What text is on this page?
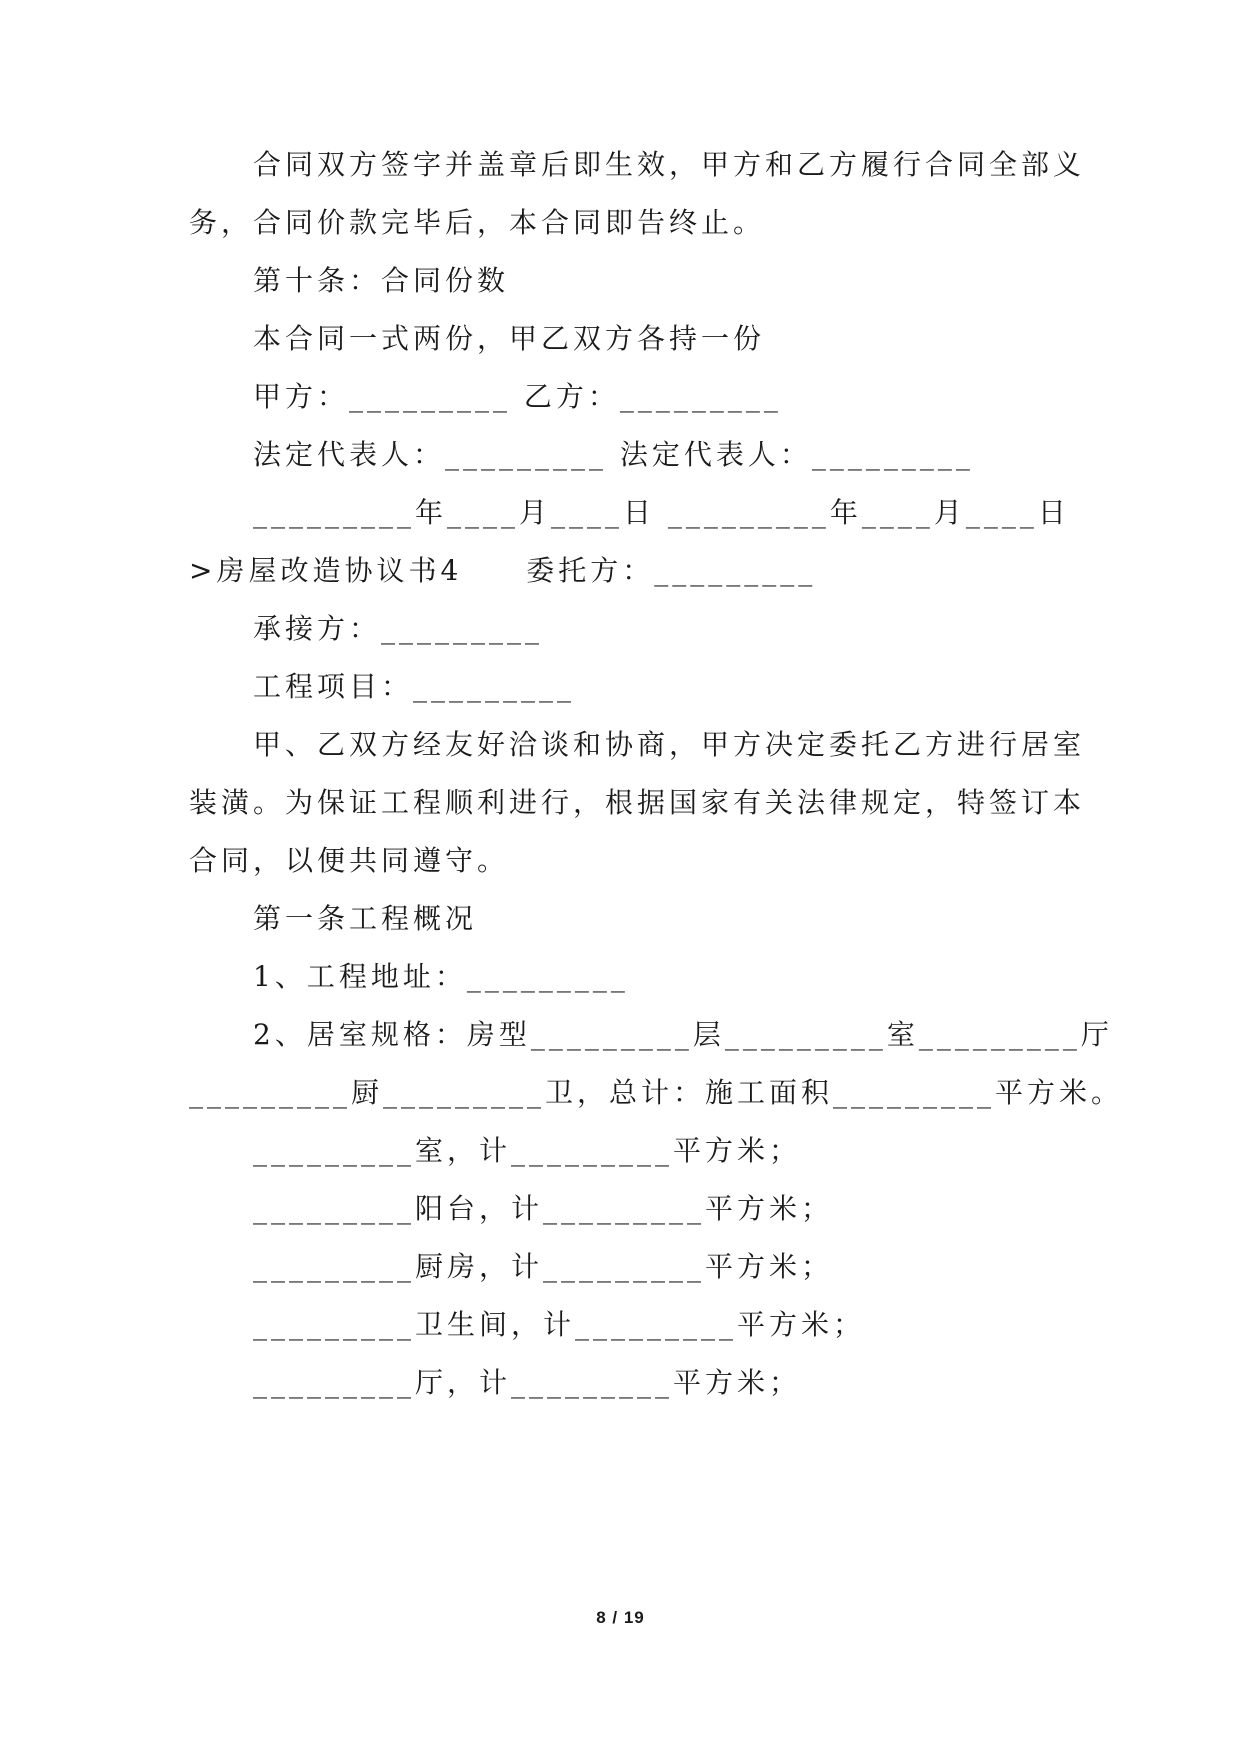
合同双方签字并盖章后即生效，甲方和乙方履行合同全部义
务，合同价款完毕后，本合同即告终止。
第十条：合同份数
本合同一式两份，甲乙双方各持一份
甲方：_________ 乙方：_________
法定代表人：_________ 法定代表人：_________
_________年____月____日 _________年____月____日
>房屋改造协议书4　　委托方：_________
承接方：_________
工程项目：_________
甲、乙双方经友好洽谈和协商，甲方决定委托乙方进行居室
装潢。为保证工程顺利进行，根据国家有关法律规定，特签订本
合同，以便共同遵守。
第一条工程概况
1、工程地址：_________
2、居室规格：房型_________层_________室_________厅
_________厨_________卫，总计：施工面积_________平方米。
_________室，计_________平方米；
_________阳台，计_________平方米；
_________厨房，计_________平方米；
_________卫生间，计_________平方米；
_________厅，计_________平方米；
8 / 19
